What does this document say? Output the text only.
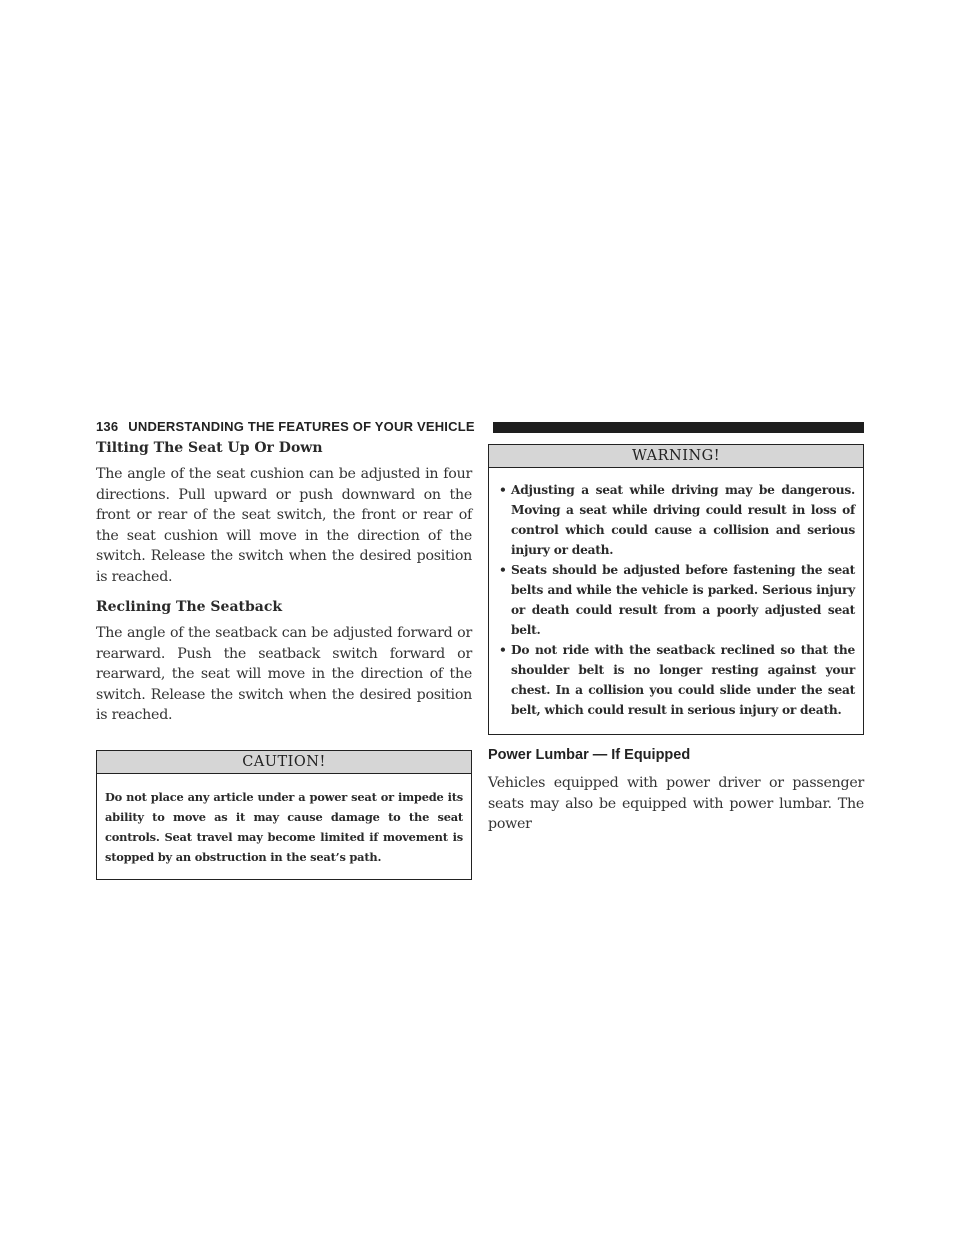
136 UNDERSTANDING THE FEATURES OF YOUR VEHICLE
Tilting The Seat Up Or Down

The angle of the seat cushion can be adjusted in four directions. Pull upward or push downward on the front or rear of the seat switch, the front or rear of the seat cushion will move in the direction of the switch. Release the switch when the desired position is reached.

Reclining The Seatback

The angle of the seatback can be adjusted forward or rearward. Push the seatback switch forward or rearward, the seat will move in the direction of the switch. Release the switch when the desired position is reached.

CAUTION!
Do not place any article under a power seat or impede its ability to move as it may cause damage to the seat controls. Seat travel may become limited if movement is stopped by an obstruction in the seat’s path.
WARNING!
• Adjusting a seat while driving may be dangerous. Moving a seat while driving could result in loss of control which could cause a collision and serious injury or death.
• Seats should be adjusted before fastening the seat belts and while the vehicle is parked. Serious injury or death could result from a poorly adjusted seat belt.
• Do not ride with the seatback reclined so that the shoulder belt is no longer resting against your chest. In a collision you could slide under the seat belt, which could result in serious injury or death.
Power Lumbar — If Equipped

Vehicles equipped with power driver or passenger seats may also be equipped with power lumbar. The power
